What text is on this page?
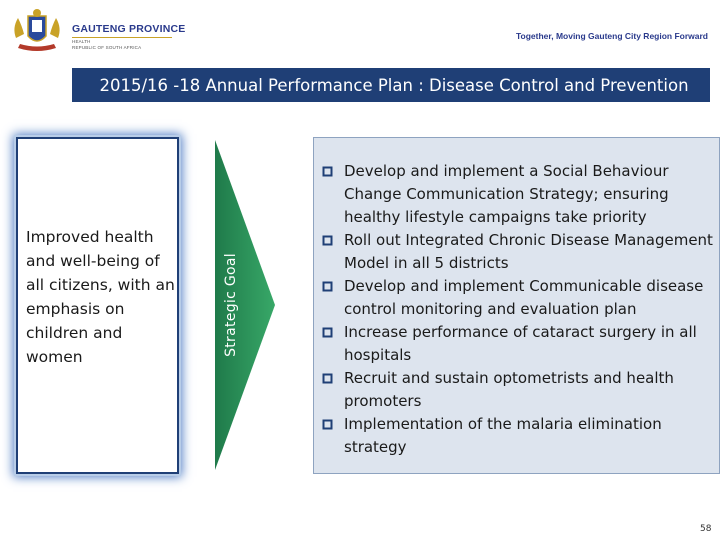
GAUTENG PROVINCE
HEALTH
REPUBLIC OF SOUTH AFRICA
Together, Moving Gauteng City Region Forward
2015/16 -18 Annual Performance Plan : Disease Control and Prevention
Improved health and well-being of all citizens, with an emphasis on children and women
Strategic Goal
Develop and implement a Social Behaviour Change Communication Strategy; ensuring healthy lifestyle campaigns take priority
Roll out Integrated Chronic Disease Management Model in all 5 districts
Develop and implement Communicable disease control monitoring and evaluation plan
Increase performance of cataract surgery in all hospitals
Recruit and sustain optometrists and health promoters
Implementation of the malaria elimination strategy
58
